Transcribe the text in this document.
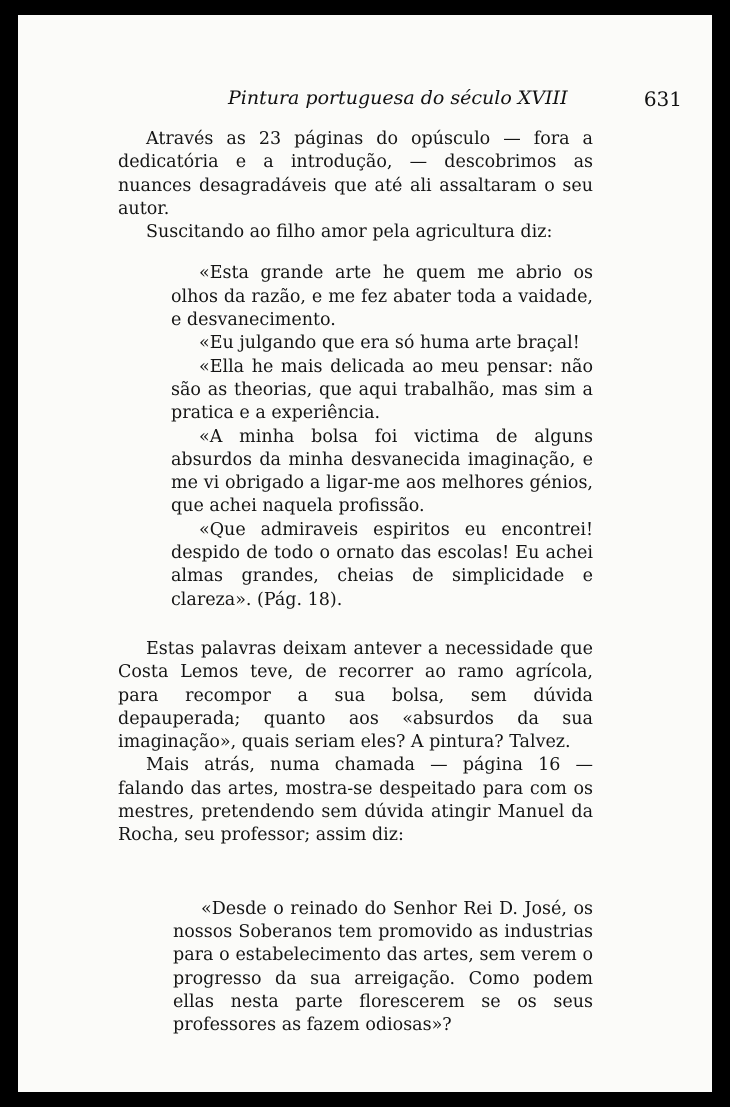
Pintura portuguesa do século XVIII	631

Através as 23 páginas do opúsculo — fora a dedicatória e a introdução, — descobrimos as nuances desagradáveis que até ali assaltaram o seu autor.

Suscitando ao filho amor pela agricultura diz:

«Esta grande arte he quem me abrio os olhos da razão, e me fez abater toda a vaidade, e desvanecimento.

«Eu julgando que era só huma arte braçal!

«Ella he mais delicada ao meu pensar: não são as theorias, que aqui trabalhão, mas sim a pratica e a experiência.

«A minha bolsa foi victima de alguns absurdos da minha desvanecida imaginação, e me vi obrigado a ligar-me aos melhores génios, que achei naquela profissão.

«Que admiraveis espiritos eu encontrei! despido de todo o ornato das escolas! Eu achei almas grandes, cheias de simplicidade e clareza». (Pág. 18).

Estas palavras deixam antever a necessidade que Costa Lemos teve, de recorrer ao ramo agrícola, para recompor a sua bolsa, sem dúvida depauperada; quanto aos «absurdos da sua imaginação», quais seriam eles? A pintura? Talvez.

Mais atrás, numa chamada — página 16 — falando das artes, mostra-se despeitado para com os mestres, pretendendo sem dúvida atingir Manuel da Rocha, seu professor; assim diz:

«Desde o reinado do Senhor Rei D. José, os nossos Soberanos tem promovido as industrias para o estabelecimento das artes, sem verem o progresso da sua arreigação. Como podem ellas nesta parte florescerem se os seus professores as fazem odiosas»?
